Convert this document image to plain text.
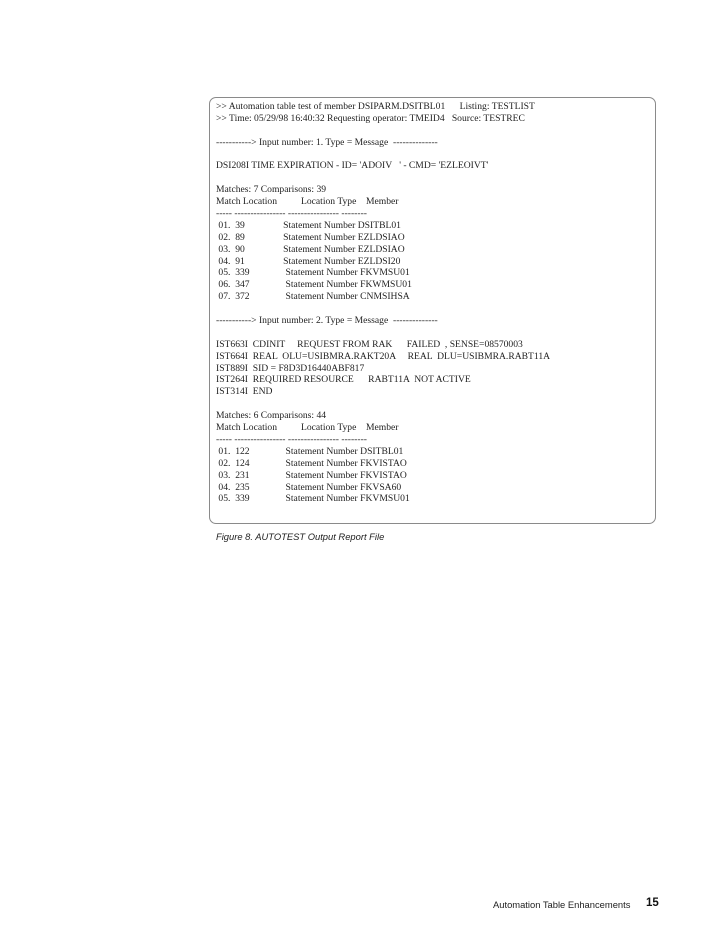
>> Automation table test of member DSIPARM.DSITBL01      Listing: TESTLIST
>> Time: 05/29/98 16:40:32 Requesting operator: TMEID4   Source: TESTREC
-----------> Input number: 1. Type = Message  --------------
DSI208I TIME EXPIRATION - ID= 'ADOIV   ' - CMD= 'EZLEOIVT'
Matches: 7 Comparisons: 39
Match Location          Location Type    Member
----- ---------------- ---------------- --------
01.  39                Statement Number DSITBL01
02.  89                Statement Number EZLDSIAO
03.  90                Statement Number EZLDSIAO
04.  91                Statement Number EZLDSI20
05.  339               Statement Number FKVMSU01
06.  347               Statement Number FKWMSU01
07.  372               Statement Number CNMSIHSA
-----------> Input number: 2. Type = Message  --------------
IST663I  CDINIT     REQUEST FROM RAK      FAILED  , SENSE=08570003
IST664I  REAL  OLU=USIBMRA.RAKT20A     REAL  DLU=USIBMRA.RABT11A
IST889I  SID = F8D3D16440ABF817
IST264I  REQUIRED RESOURCE      RABT11A  NOT ACTIVE
IST314I  END
Matches: 6 Comparisons: 44
Match Location          Location Type    Member
----- ---------------- ---------------- --------
01.  122               Statement Number DSITBL01
02.  124               Statement Number FKVISTAO
03.  231               Statement Number FKVISTAO
04.  235               Statement Number FKVSA60
05.  339               Statement Number FKVMSU01
Figure 8. AUTOTEST Output Report File
Automation Table Enhancements 15
